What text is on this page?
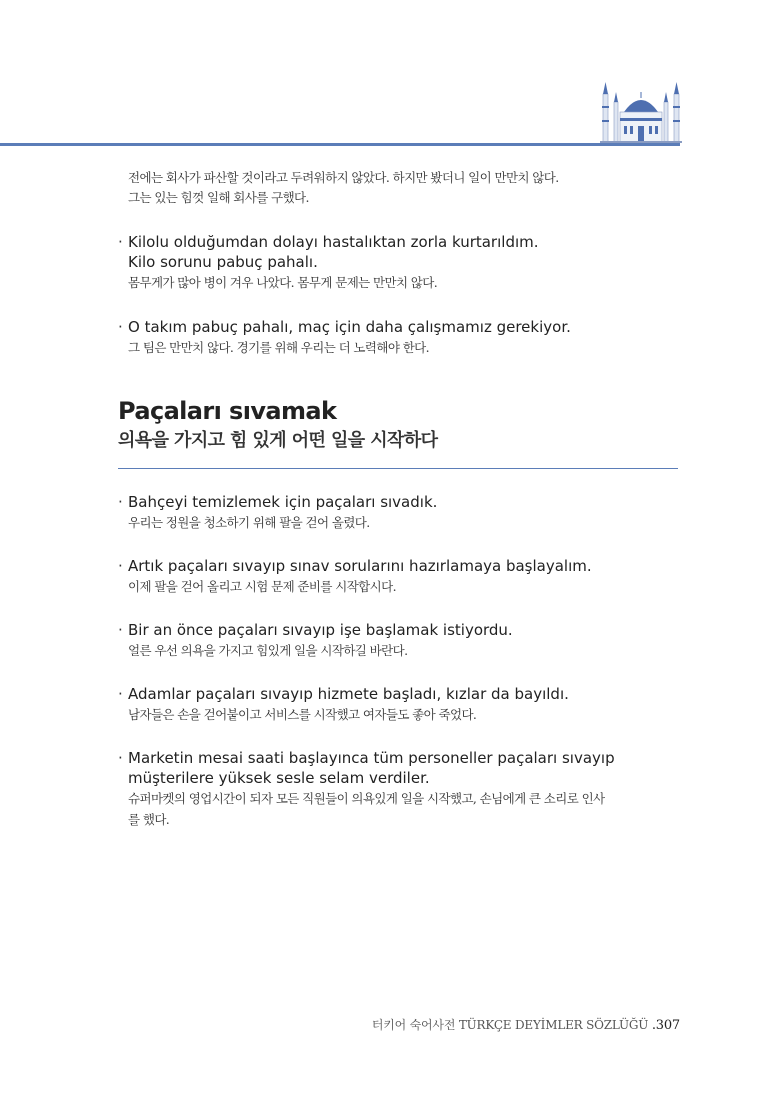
전에는 회사가 파산할 것이라고 두려워하지 않았다. 하지만 봤더니 일이 만만치 않다.
그는 있는 힘껏 일해 회사를 구했다.
· Kilolu olduğumdan dolayı hastalıktan zorla kurtarıldım.
Kilo sorunu pabuç pahalı.
몸무게가 많아 병이 겨우 나았다. 몸무게 문제는 만만치 않다.
· O takım pabuç pahalı, maç için daha çalışmamız gerekiyor.
그 팀은 만만치 않다. 경기를 위해 우리는 더 노력해야 한다.
Paçaları sıvamak
의욕을 가지고 힘 있게 어떤 일을 시작하다
· Bahçeyi temizlemek için paçaları sıvadık.
우리는 정원을 청소하기 위해 팔을 걷어 올렸다.
· Artık paçaları sıvayıp sınav sorularını hazırlamaya başlayalım.
이제 팔을 걷어 올리고 시험 문제 준비를 시작합시다.
· Bir an önce paçaları sıvayıp işe başlamak istiyordu.
얼른 우선 의욕을 가지고 힘있게 일을 시작하길 바란다.
· Adamlar paçaları sıvayıp hizmete başladı, kızlar da bayıldı.
남자들은 손을 걷어붙이고 서비스를 시작했고 여자들도 좋아 죽었다.
· Marketin mesai saati başlayınca tüm personeller paçaları sıvayıp
müşterilere yüksek sesle selam verdiler.
슈퍼마켓의 영업시간이 되자 모든 직원들이 의욕있게 일을 시작했고, 손님에게 큰 소리로 인사
를 했다.
터키어 숙어사전 TÜRKÇE DEYİMLER SÖZLÜĞÜ .307
